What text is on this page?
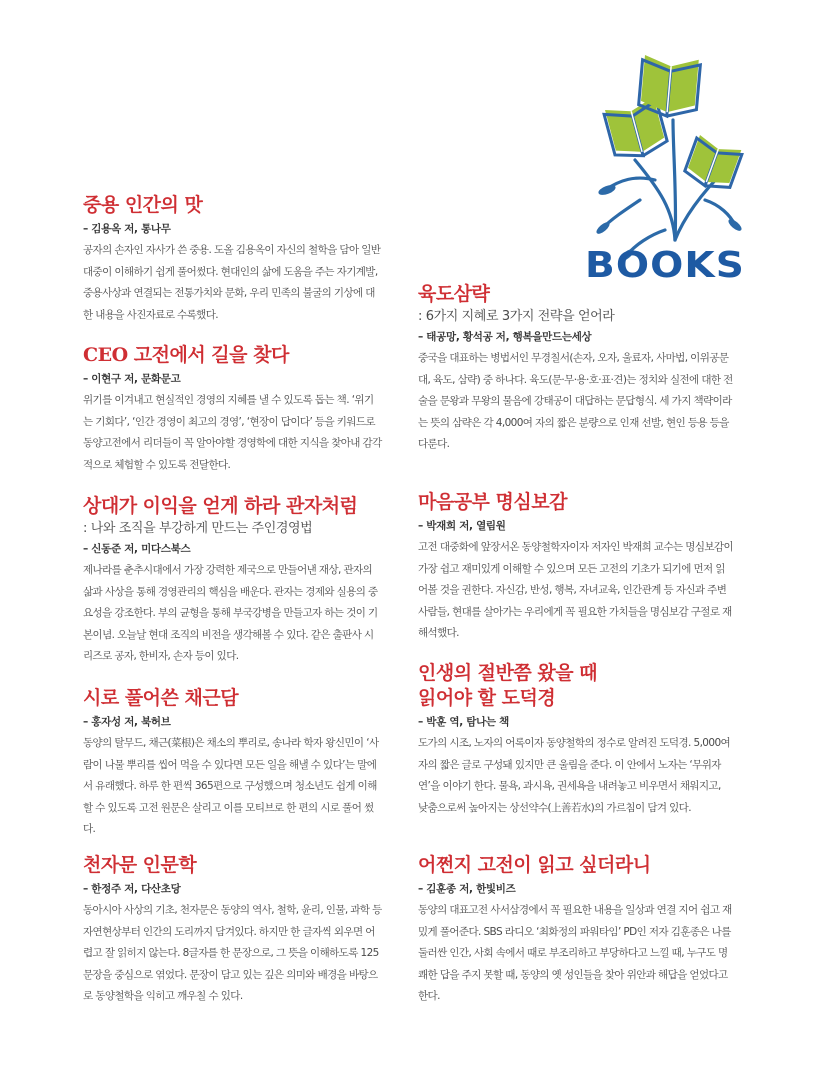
BOOKS
중용 인간의 맛
– 김용옥 저, 통나무
공자의 손자인 자사가 쓴 중용. 도올 김용옥이 자신의 철학을 담아 일반대중이 이해하기 쉽게 풀어썼다. 현대인의 삶에 도움을 주는 자기계발, 중용사상과 연결되는 전통가치와 문화, 우리 민족의 불굴의 기상에 대한 내용을 사진자료로 수록했다.
CEO 고전에서 길을 찾다
– 이현구 저, 문화문고
위기를 이겨내고 현실적인 경영의 지혜를 낼 수 있도록 돕는 책. ‘위기는 기회다’, ‘인간 경영이 최고의 경영’, ‘현장이 답이다’ 등을 키워드로 동양고전에서 리더들이 꼭 알아야할 경영학에 대한 지식을 찾아내 감각적으로 체험할 수 있도록 전달한다.
상대가 이익을 얻게 하라 관자처럼
: 나와 조직을 부강하게 만드는 주인경영법
– 신동준 저, 미다스북스
제나라를 춘추시대에서 가장 강력한 제국으로 만들어낸 재상, 관자의 삶과 사상을 통해 경영관리의 핵심을 배운다. 관자는 경제와 실용의 중요성을 강조한다. 부의 균형을 통해 부국강병을 만들고자 하는 것이 기본이념. 오늘날 현대 조직의 비전을 생각해볼 수 있다. 같은 출판사 시리즈로 공자, 한비자, 손자 등이 있다.
시로 풀어쓴 채근담
– 홍자성 저, 북허브
동양의 탈무드, 채근(菜根)은 채소의 뿌리로, 송나라 학자 왕신민이 ‘사람이 나물 뿌리를 씹어 먹을 수 있다면 모든 일을 해낼 수 있다’는 말에서 유래했다. 하루 한 편씩 365편으로 구성했으며 청소년도 쉽게 이해할 수 있도록 고전 원문은 살리고 이를 모티브로 한 편의 시로 풀어 썼다.
천자문 인문학
– 한정주 저, 다산초당
동아시아 사상의 기초, 천자문은 동양의 역사, 철학, 윤리, 인물, 과학 등 자연현상부터 인간의 도리까지 담겨있다. 하지만 한 글자씩 외우면 어렵고 잘 읽히지 않는다. 8글자를 한 문장으로, 그 뜻을 이해하도록 125문장을 중심으로 엮었다. 문장이 담고 있는 깊은 의미와 배경을 바탕으로 동양철학을 익히고 깨우칠 수 있다.
육도삼략
: 6가지 지혜로 3가지 전략을 얻어라
– 태공망, 황석공 저, 행복을만드는세상
중국을 대표하는 병법서인 무경칠서(손자, 오자, 울료자, 사마법, 이위공문대, 육도, 삼략) 중 하나다. 육도(문·무·용·호·표·견)는 정치와 실전에 대한 전술을 문왕과 무왕의 물음에 강태공이 대답하는 문답형식. 세 가지 책략이라는 뜻의 삼략은 각 4,000여 자의 짧은 분량으로 인재 선발, 현인 등용 등을 다룬다.
마음공부 명심보감
– 박재희 저, 열림원
고전 대중화에 앞장서온 동양철학자이자 저자인 박재희 교수는 명심보감이 가장 쉽고 재미있게 이해할 수 있으며 모든 고전의 기초가 되기에 먼저 읽어볼 것을 권한다. 자신감, 반성, 행복, 자녀교육, 인간관계 등 자신과 주변사람들, 현대를 살아가는 우리에게 꼭 필요한 가치들을 명심보감 구절로 재해석했다.
인생의 절반쯤 왔을 때
읽어야 할 도덕경
– 박훈 역, 탐나는 책
도가의 시조, 노자의 어록이자 동양철학의 정수로 알려진 도덕경. 5,000여 자의 짧은 글로 구성돼 있지만 큰 울림을 준다. 이 안에서 노자는 ‘무위자연’을 이야기 한다. 물욕, 과시욕, 권세욕을 내려놓고 비우면서 채워지고, 낮춤으로써 높아지는 상선약수(上善若水)의 가르침이 담겨 있다.
어쩐지 고전이 읽고 싶더라니
– 김훈종 저, 한빛비즈
동양의 대표고전 사서삼경에서 꼭 필요한 내용을 일상과 연결 지어 쉽고 재밌게 풀어준다. SBS 라디오 ‘최화정의 파워타임’ PD인 저자 김훈종은 나를 둘러싼 인간, 사회 속에서 때로 부조리하고 부당하다고 느낄 때, 누구도 명쾌한 답을 주지 못할 때, 동양의 옛 성인들을 찾아 위안과 해답을 얻었다고 한다.
